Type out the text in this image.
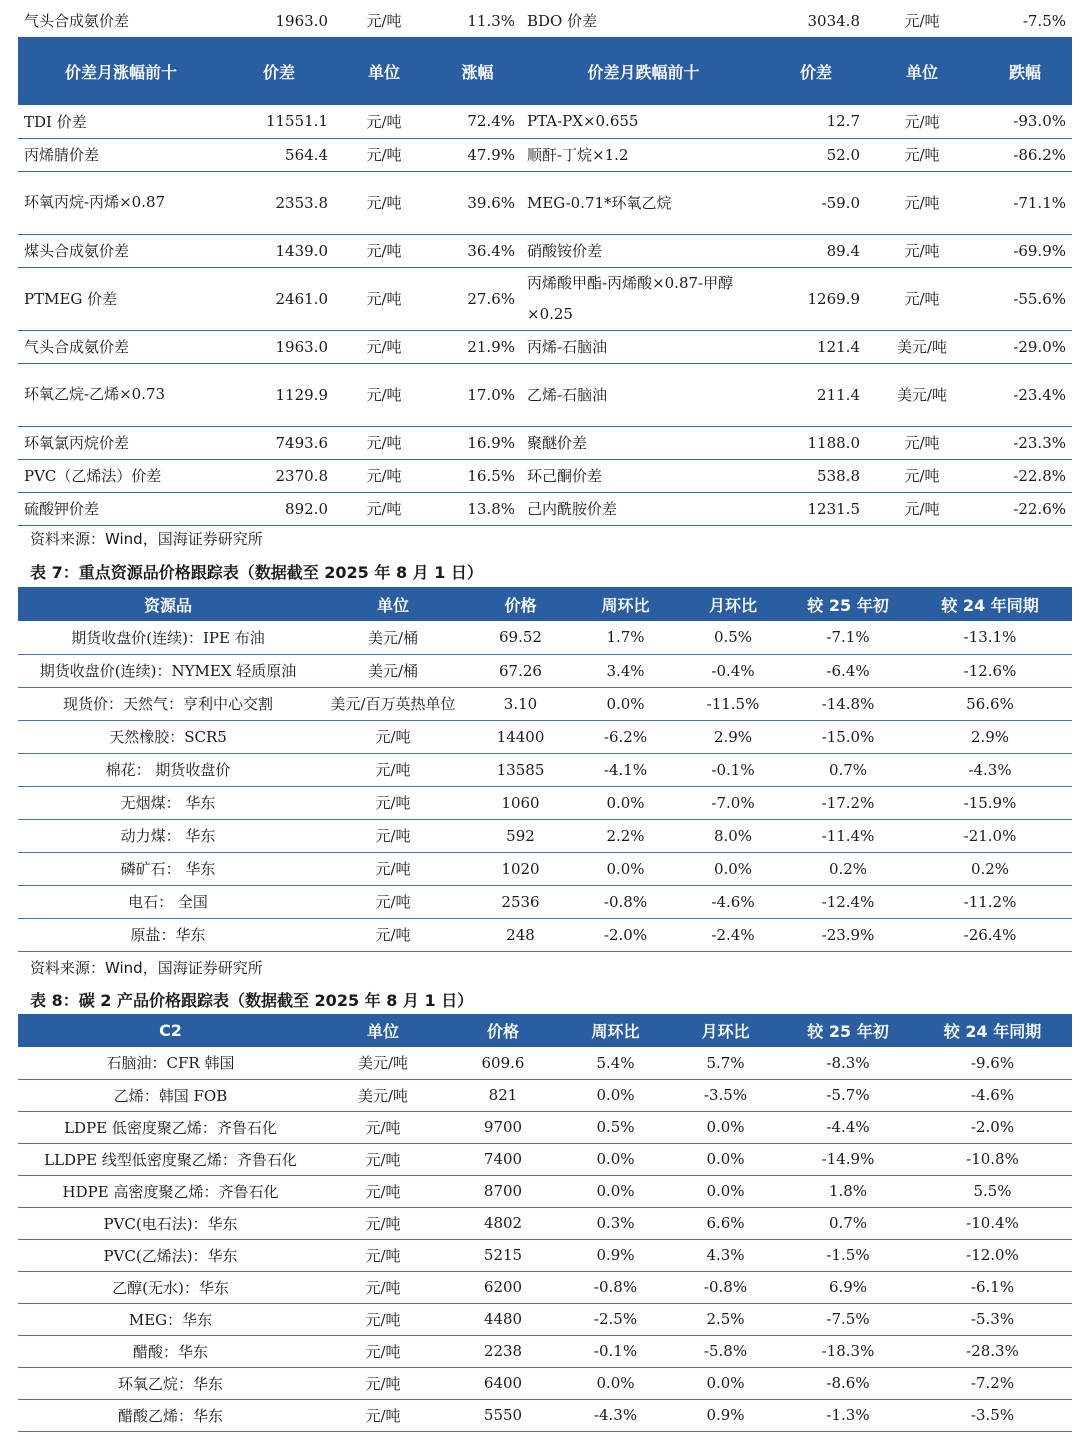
气头合成氨价差	1963.0	元/吨	11.3%	BDO 价差	3034.8	元/吨	-7.5%
价差月涨幅前十	价差	单位	涨幅	价差月跌幅前十	价差	单位	跌幅
TDI 价差	11551.1	元/吨	72.4%	PTA-PX×0.655	12.7	元/吨	-93.0%
丙烯腈价差	564.4	元/吨	47.9%	顺酐-丁烷×1.2	52.0	元/吨	-86.2%
环氧丙烷-丙烯×0.87	2353.8	元/吨	39.6%	MEG-0.71*环氧乙烷	-59.0	元/吨	-71.1%
煤头合成氨价差	1439.0	元/吨	36.4%	硝酸铵价差	89.4	元/吨	-69.9%
PTMEG 价差	2461.0	元/吨	27.6%	丙烯酸甲酯-丙烯酸×0.87-甲醇×0.25	1269.9	元/吨	-55.6%
气头合成氨价差	1963.0	元/吨	21.9%	丙烯-石脑油	121.4	美元/吨	-29.0%
环氧乙烷-乙烯×0.73	1129.9	元/吨	17.0%	乙烯-石脑油	211.4	美元/吨	-23.4%
环氧氯丙烷价差	7493.6	元/吨	16.9%	聚醚价差	1188.0	元/吨	-23.3%
PVC（乙烯法）价差	2370.8	元/吨	16.5%	环己酮价差	538.8	元/吨	-22.8%
硫酸钾价差	892.0	元/吨	13.8%	己内酰胺价差	1231.5	元/吨	-22.6%
资料来源：Wind，国海证券研究所
表 7：重点资源品价格跟踪表（数据截至 2025 年 8 月 1 日）
资源品	单位	价格	周环比	月环比	较 25 年初	较 24 年同期
期货收盘价(连续)：IPE 布油	美元/桶	69.52	1.7%	0.5%	-7.1%	-13.1%
期货收盘价(连续)：NYMEX 轻质原油	美元/桶	67.26	3.4%	-0.4%	-6.4%	-12.6%
现货价：天然气：亨利中心交割	美元/百万英热单位	3.10	0.0%	-11.5%	-14.8%	56.6%
天然橡胶：SCR5	元/吨	14400	-6.2%	2.9%	-15.0%	2.9%
棉花： 期货收盘价	元/吨	13585	-4.1%	-0.1%	0.7%	-4.3%
无烟煤： 华东	元/吨	1060	0.0%	-7.0%	-17.2%	-15.9%
动力煤： 华东	元/吨	592	2.2%	8.0%	-11.4%	-21.0%
磷矿石： 华东	元/吨	1020	0.0%	0.0%	0.2%	0.2%
电石： 全国	元/吨	2536	-0.8%	-4.6%	-12.4%	-11.2%
原盐：华东	元/吨	248	-2.0%	-2.4%	-23.9%	-26.4%
资料来源：Wind，国海证券研究所
表 8：碳 2 产品价格跟踪表（数据截至 2025 年 8 月 1 日）
C2	单位	价格	周环比	月环比	较 25 年初	较 24 年同期
石脑油：CFR 韩国	美元/吨	609.6	5.4%	5.7%	-8.3%	-9.6%
乙烯：韩国 FOB	美元/吨	821	0.0%	-3.5%	-5.7%	-4.6%
LDPE 低密度聚乙烯：齐鲁石化	元/吨	9700	0.5%	0.0%	-4.4%	-2.0%
LLDPE 线型低密度聚乙烯：齐鲁石化	元/吨	7400	0.0%	0.0%	-14.9%	-10.8%
HDPE 高密度聚乙烯：齐鲁石化	元/吨	8700	0.0%	0.0%	1.8%	5.5%
PVC(电石法)：华东	元/吨	4802	0.3%	6.6%	0.7%	-10.4%
PVC(乙烯法)：华东	元/吨	5215	0.9%	4.3%	-1.5%	-12.0%
乙醇(无水)：华东	元/吨	6200	-0.8%	-0.8%	6.9%	-6.1%
MEG：华东	元/吨	4480	-2.5%	2.5%	-7.5%	-5.3%
醋酸：华东	元/吨	2238	-0.1%	-5.8%	-18.3%	-28.3%
环氧乙烷：华东	元/吨	6400	0.0%	0.0%	-8.6%	-7.2%
醋酸乙烯：华东	元/吨	5550	-4.3%	0.9%	-1.3%	-3.5%
